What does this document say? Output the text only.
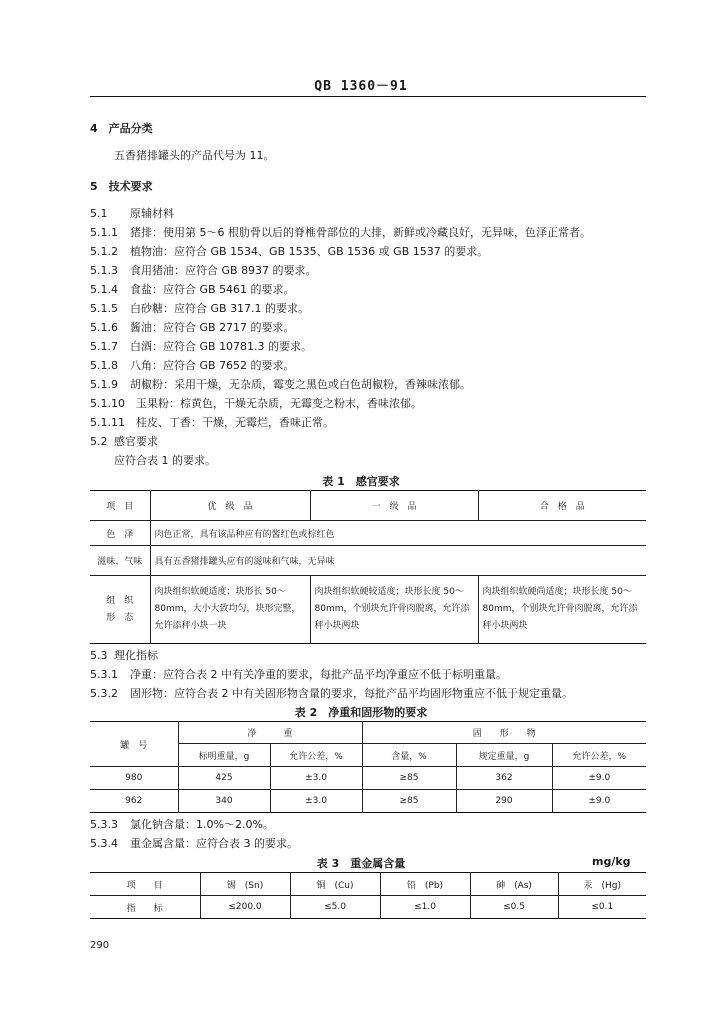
QB 1360－91
4　产品分类
五香猪排罐头的产品代号为 11。
5　技术要求
5.1 原辅材料
5.1.1 猪排：使用第 5～6 根肋骨以后的脊椎骨部位的大排，新鲜或冷藏良好，无异味，色泽正常者。
5.1.2 植物油：应符合 GB 1534、GB 1535、GB 1536 或 GB 1537 的要求。
5.1.3 食用猪油：应符合 GB 8937 的要求。
5.1.4 食盐：应符合 GB 5461 的要求。
5.1.5 白砂糖：应符合 GB 317.1 的要求。
5.1.6 酱油：应符合 GB 2717 的要求。
5.1.7 白酒：应符合 GB 10781.3 的要求。
5.1.8 八角：应符合 GB 7652 的要求。
5.1.9 胡椒粉：采用干燥，无杂质，霉变之黑色或白色胡椒粉，香辣味浓郁。
5.1.10 玉果粉：棕黄色，干燥无杂质，无霉变之粉末，香味浓郁。
5.1.11 桂皮、丁香：干燥，无霉烂，香味正常。
5.2 感官要求
应符合表 1 的要求。
表 1　感官要求
项　目	优　级　品	一　级　品	合　格　品
色　泽	肉色正常，具有该品种应有的酱红色或棕红色		
滋味、气味	具有五香猪排罐头应有的滋味和气味，无异味		
组　织
形　态	肉块组织软硬适度；块形长 50～80mm，大小大致均匀，块形完整，允许添秤小块一块	肉块组织软硬较适度；块形长度 50～80mm，个别块允许骨肉脱离，允许添秤小块两块	肉块组织软硬尚适度；块形长度 50～80mm，个别块允许骨肉脱离，允许添秤小块两块
5.3 理化指标
5.3.1 净重：应符合表 2 中有关净重的要求，每批产品平均净重应不低于标明重量。
5.3.2 固形物：应符合表 2 中有关固形物含量的要求，每批产品平均固形物重应不低于规定重量。
表 2　净重和固形物的要求
罐　号	净　　　重		固　　形　　物		
	标明重量，g	允许公差，%	含量，%	规定重量，g	允许公差，%
980	425	±3.0	≥85	362	±9.0
962	340	±3.0	≥85	290	±9.0
5.3.3 氯化钠含量：1.0%～2.0%。
5.3.4 重金属含量：应符合表 3 的要求。
表 3　重金属含量	mg/kg
项　　目	锡　(Sn)	铜　(Cu)	铅　(Pb)	砷　(As)	汞　(Hg)
指　　标	≤200.0	≤5.0	≤1.0	≤0.5	≤0.1
290
